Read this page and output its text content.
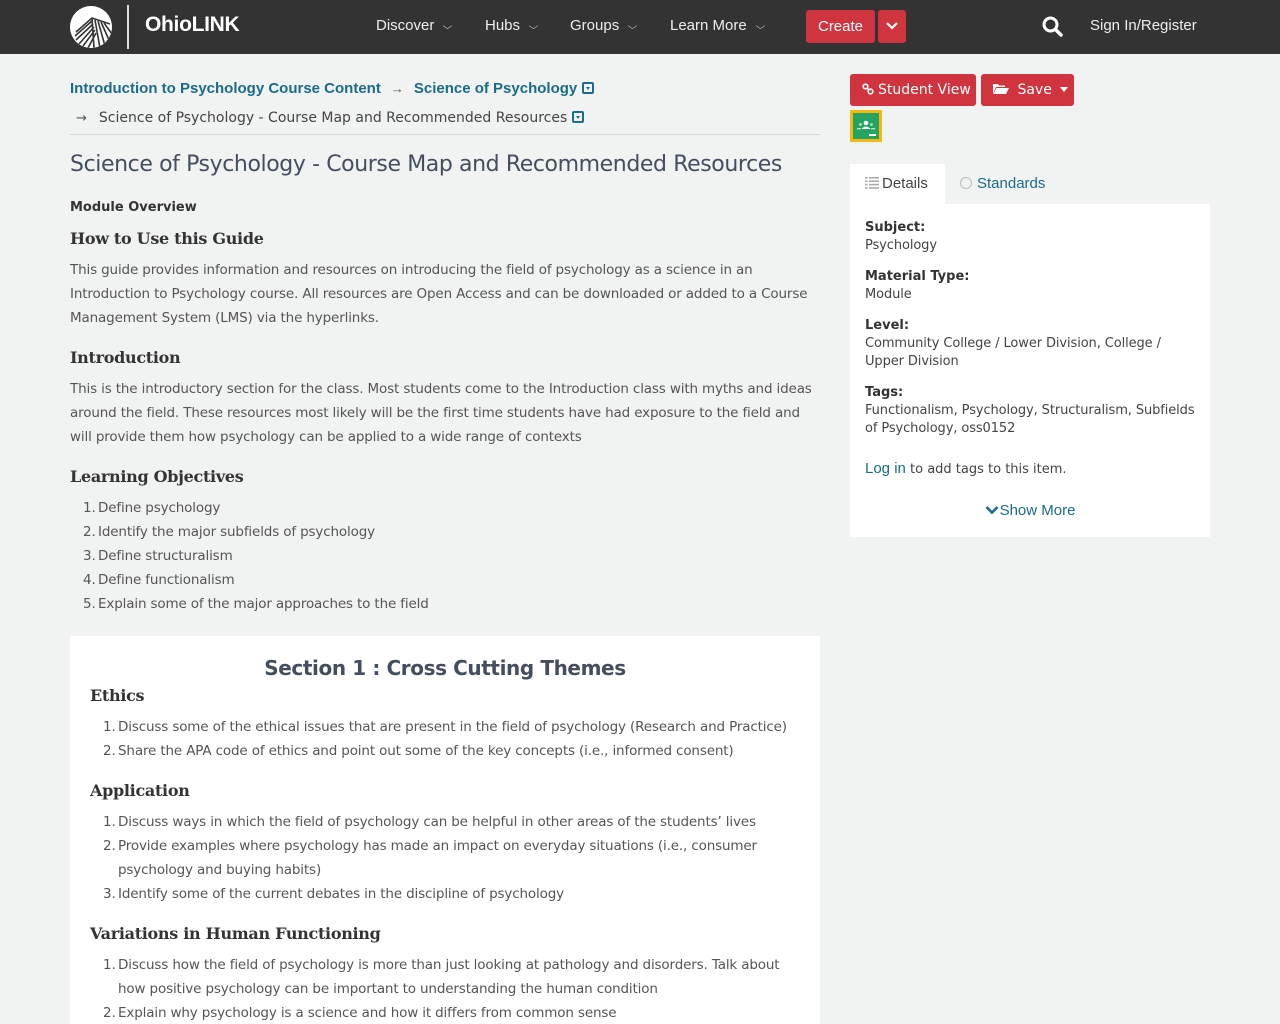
OhioLINK	Discover ⌵ Hubs ⌵ Groups ⌵ Learn More ⌵	Create	Sign In/Register
Introduction to Psychology Course Content → Science of Psychology
→ Science of Psychology - Course Map and Recommended Resources
Science of Psychology - Course Map and Recommended Resources
Module Overview
How to Use this Guide
This guide provides information and resources on introducing the field of psychology as a science in an Introduction to Psychology course. All resources are Open Access and can be downloaded or added to a Course Management System (LMS) via the hyperlinks.
Introduction
This is the introductory section for the class. Most students come to the Introduction class with myths and ideas around the field. These resources most likely will be the first time students have had exposure to the field and will provide them how psychology can be applied to a wide range of contexts
Learning Objectives
1. Define psychology
2. Identify the major subfields of psychology
3. Define structuralism
4. Define functionalism
5. Explain some of the major approaches to the field
Section 1 : Cross Cutting Themes
Ethics
1. Discuss some of the ethical issues that are present in the field of psychology (Research and Practice)
2. Share the APA code of ethics and point out some of the key concepts (i.e., informed consent)
Application
1. Discuss ways in which the field of psychology can be helpful in other areas of the students’ lives
2. Provide examples where psychology has made an impact on everyday situations (i.e., consumer psychology and buying habits)
3. Identify some of the current debates in the discipline of psychology
Variations in Human Functioning
1. Discuss how the field of psychology is more than just looking at pathology and disorders. Talk about how positive psychology can be important to understanding the human condition
2. Explain why psychology is a science and how it differs from common sense
Student View	Save
Details	Standards
Subject:
Psychology
Material Type:
Module
Level:
Community College / Lower Division, College / Upper Division
Tags:
Functionalism, Psychology, Structuralism, Subfields of Psychology, oss0152
Log in to add tags to this item.
Show More
